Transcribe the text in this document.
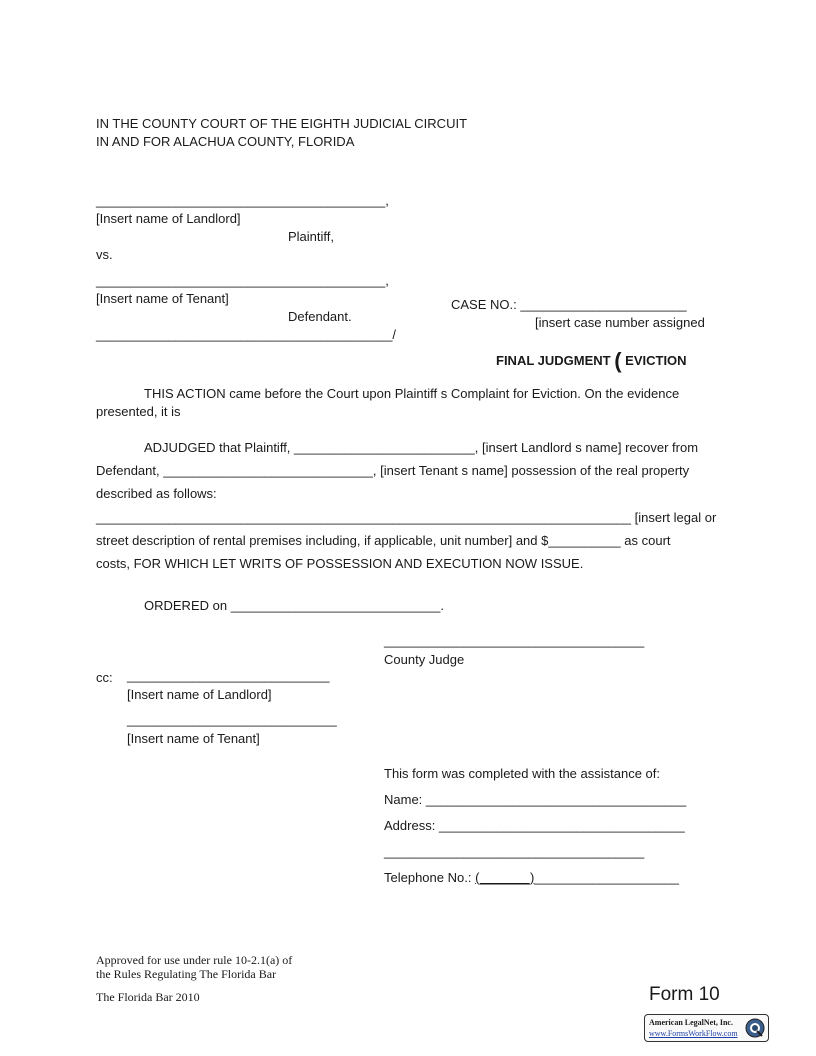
IN THE COUNTY COURT OF THE EIGHTH JUDICIAL CIRCUIT
IN AND FOR ALACHUA COUNTY, FLORIDA
________________________________________,
[Insert name of Landlord]
Plaintiff,
vs.
________________________________________,
[Insert name of Tenant]	CASE NO.: _______________________
Defendant.	[insert case number assigned
_________________________________________/
FINAL JUDGMENT ( EVICTION
THIS ACTION came before the Court upon Plaintiff s Complaint for Eviction. On the evidence
presented, it is
ADJUDGED that Plaintiff, _________________________, [insert Landlord s name] recover from
Defendant, _____________________________, [insert Tenant s name] possession of the real property
described as follows:
__________________________________________________________________________ [insert legal or
street description of rental premises including, if applicable, unit number] and $__________ as court
costs, FOR WHICH LET WRITS OF POSSESSION AND EXECUTION NOW ISSUE.
ORDERED on _____________________________.
____________________________________
County Judge
cc: ____________________________
[Insert name of Landlord]
_____________________________
[Insert name of Tenant]
This form was completed with the assistance of:
Name: ____________________________________
Address: __________________________________
____________________________________
Telephone No.: (_______)____________________
Approved for use under rule 10-2.1(a) of
the Rules Regulating The Florida Bar
The Florida Bar 2010	Form 10
American LegalNet, Inc.
www.FormsWorkFlow.com
